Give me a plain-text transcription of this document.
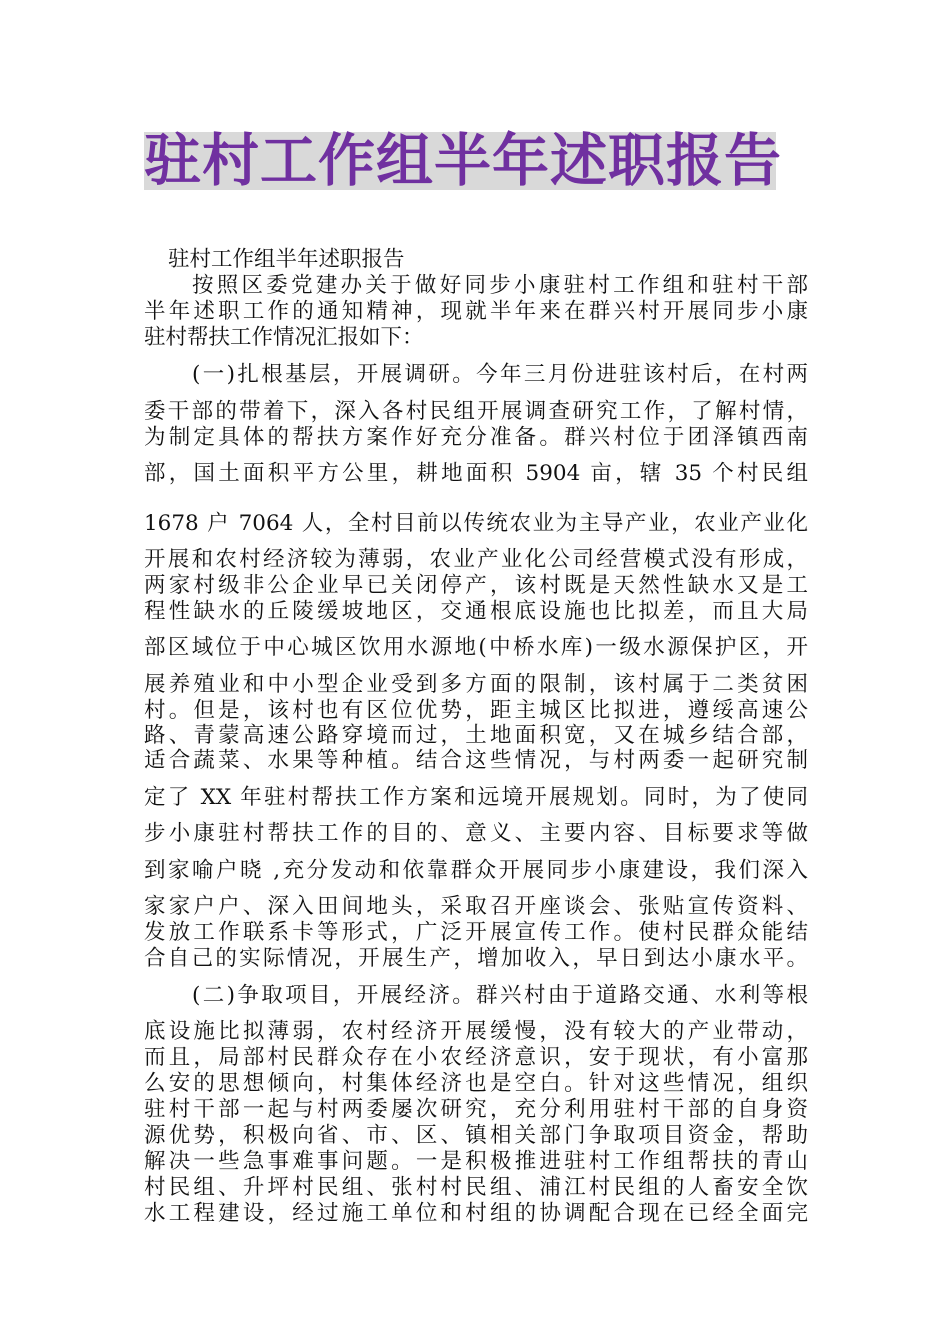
驻村工作组半年述职报告
驻村工作组半年述职报告
按照区委党建办关于做好同步小康驻村工作组和驻村干部
半年述职工作的通知精神，现就半年来在群兴村开展同步小康
驻村帮扶工作情况汇报如下：
(一)扎根基层，开展调研。今年三月份进驻该村后，在村两
委干部的带着下，深入各村民组开展调查研究工作，了解村情，
为制定具体的帮扶方案作好充分准备。群兴村位于团泽镇西南
部，国土面积平方公里，耕地面积 5904 亩，辖 35 个村民组
1678 户 7064 人，全村目前以传统农业为主导产业，农业产业化
开展和农村经济较为薄弱，农业产业化公司经营模式没有形成，
两家村级非公企业早已关闭停产，该村既是天然性缺水又是工
程性缺水的丘陵缓坡地区，交通根底设施也比拟差，而且大局
部区域位于中心城区饮用水源地(中桥水库)一级水源保护区，开
展养殖业和中小型企业受到多方面的限制，该村属于二类贫困
村。但是，该村也有区位优势，距主城区比拟进，遵绥高速公
路、青蒙高速公路穿境而过，土地面积宽，又在城乡结合部，
适合蔬菜、水果等种植。结合这些情况，与村两委一起研究制
定了 XX 年驻村帮扶工作方案和远境开展规划。同时，为了使同
步小康驻村帮扶工作的目的、意义、主要内容、目标要求等做
到家喻户晓 ,充分发动和依靠群众开展同步小康建设，我们深入
家家户户、深入田间地头，采取召开座谈会、张贴宣传资料、
发放工作联系卡等形式，广泛开展宣传工作。使村民群众能结
合自己的实际情况，开展生产，增加收入，早日到达小康水平。
(二)争取项目，开展经济。群兴村由于道路交通、水利等根
底设施比拟薄弱，农村经济开展缓慢，没有较大的产业带动，
而且，局部村民群众存在小农经济意识，安于现状，有小富那
么安的思想倾向，村集体经济也是空白。针对这些情况，组织
驻村干部一起与村两委屡次研究，充分利用驻村干部的自身资
源优势，积极向省、市、区、镇相关部门争取项目资金，帮助
解决一些急事难事问题。一是积极推进驻村工作组帮扶的青山
村民组、升坪村民组、张村村民组、浦江村民组的人畜安全饮
水工程建设，经过施工单位和村组的协调配合现在已经全面完
